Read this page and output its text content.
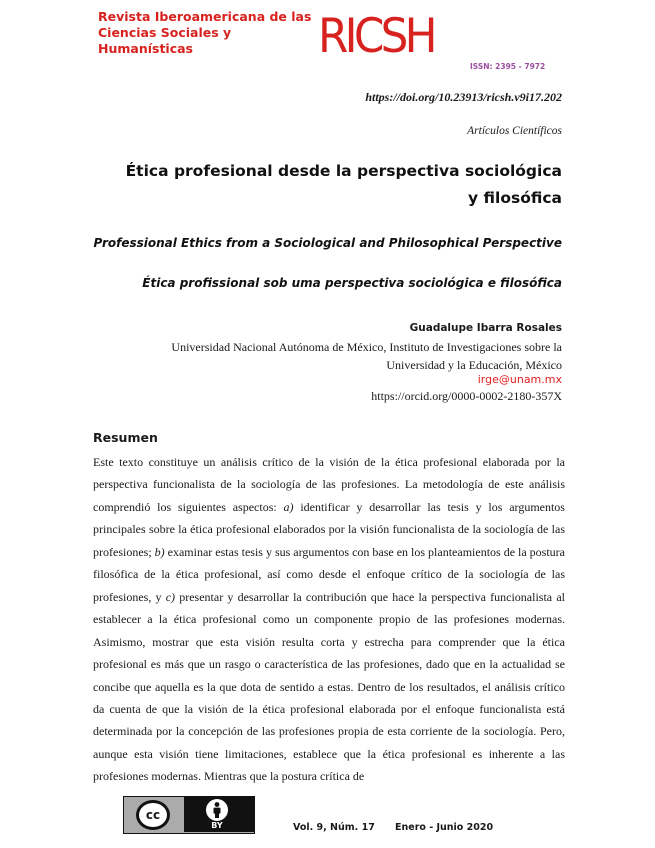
Revista Iberoamericana de las Ciencias Sociales y Humanísticas	RICSH
ISSN: 2395 - 7972
https://doi.org/10.23913/ricsh.v9i17.202
Artículos Científicos
Ética profesional desde la perspectiva sociológica y filosófica
Professional Ethics from a Sociological and Philosophical Perspective
Ética profissional sob uma perspectiva sociológica e filosófica
Guadalupe Ibarra Rosales
Universidad Nacional Autónoma de México, Instituto de Investigaciones sobre la Universidad y la Educación, México
irge@unam.mx
https://orcid.org/0000-0002-2180-357X
Resumen

Este texto constituye un análisis crítico de la visión de la ética profesional elaborada por la perspectiva funcionalista de la sociología de las profesiones. La metodología de este análisis comprendió los siguientes aspectos: a) identificar y desarrollar las tesis y los argumentos principales sobre la ética profesional elaborados por la visión funcionalista de la sociología de las profesiones; b) examinar estas tesis y sus argumentos con base en los planteamientos de la postura filosófica de la ética profesional, así como desde el enfoque crítico de la sociología de las profesiones, y c) presentar y desarrollar la contribución que hace la perspectiva funcionalista al establecer a la ética profesional como un componente propio de las profesiones modernas. Asimismo, mostrar que esta visión resulta corta y estrecha para comprender que la ética profesional es más que un rasgo o característica de las profesiones, dado que en la actualidad se concibe que aquella es la que dota de sentido a estas. Dentro de los resultados, el análisis crítico da cuenta de que la visión de la ética profesional elaborada por el enfoque funcionalista está determinada por la concepción de las profesiones propia de esta corriente de la sociología. Pero, aunque esta visión tiene limitaciones, establece que la ética profesional es inherente a las profesiones modernas. Mientras que la postura crítica de

cc
BY	Vol. 9, Núm. 17 Enero - Junio 2020
